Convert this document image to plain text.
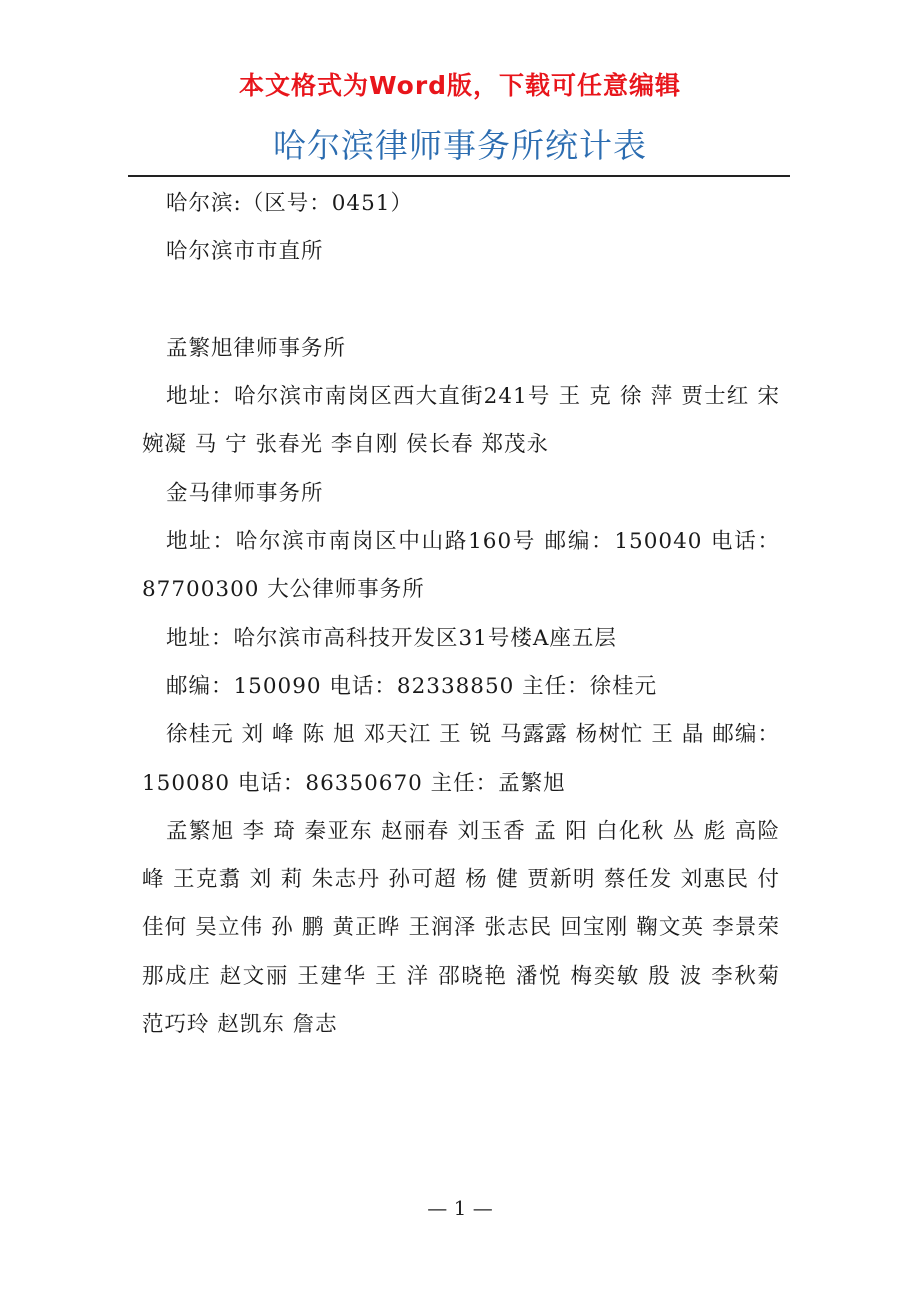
本文格式为Word版，下载可任意编辑
哈尔滨律师事务所统计表
哈尔滨:（区号：0451）
哈尔滨市市直所
孟繁旭律师事务所
地址：哈尔滨市南岗区西大直街241号 王 克 徐 萍 贾士红 宋婉凝 马 宁 张春光 李自刚 侯长春 郑茂永
金马律师事务所
地址：哈尔滨市南岗区中山路160号 邮编：150040 电话：87700300 大公律师事务所
地址：哈尔滨市高科技开发区31号楼A座五层
邮编：150090 电话：82338850 主任：徐桂元
徐桂元 刘 峰 陈 旭 邓天江 王 锐 马露露 杨树忙 王 晶 邮编：150080 电话：86350670 主任：孟繁旭
孟繁旭 李 琦 秦亚东 赵丽春 刘玉香 孟 阳 白化秋 丛 彪 高险峰 王克翥 刘 莉 朱志丹 孙可超 杨 健 贾新明 蔡任发 刘惠民 付佳何 吴立伟 孙 鹏 黄正晔 王润泽 张志民 回宝刚 鞠文英 李景荣 那成庄 赵文丽 王建华 王 洋 邵晓艳 潘悦 梅奕敏 殷 波 李秋菊 范巧玲 赵凯东 詹志
— 1 —
